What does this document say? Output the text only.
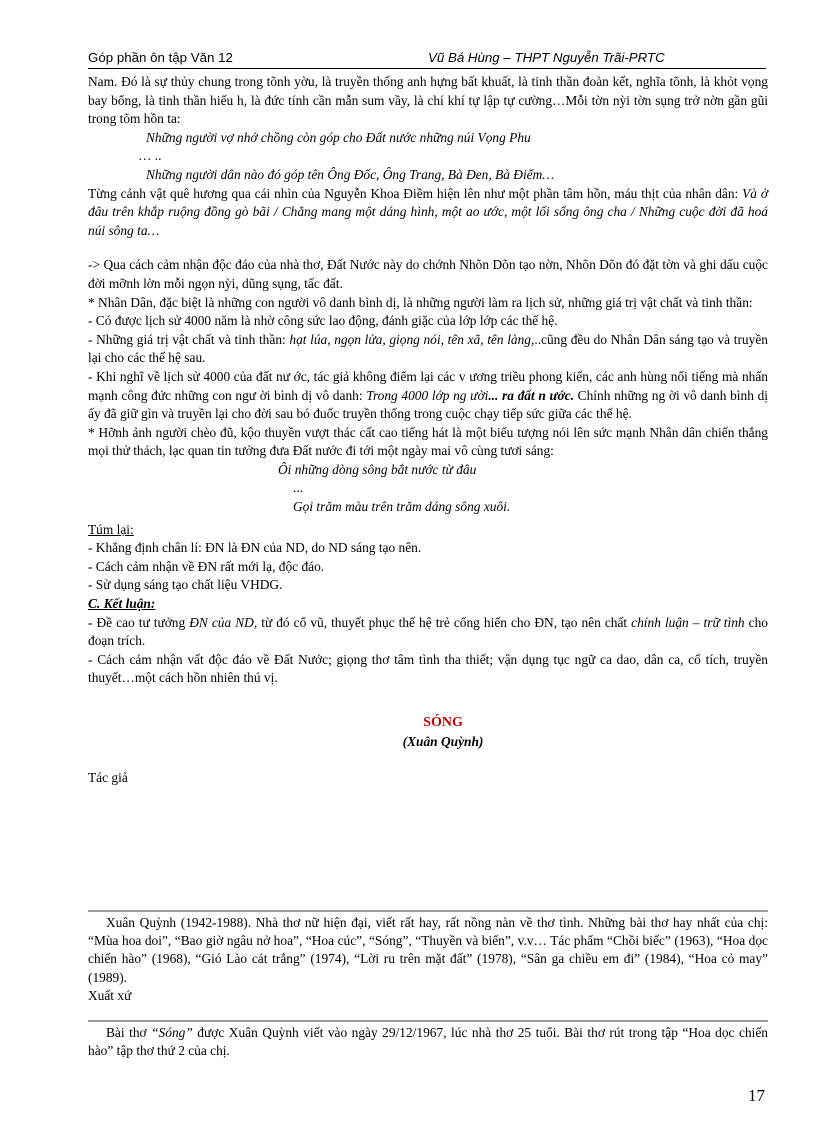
Góp phần ôn tập Văn 12	Vũ Bá Hùng – THPT Nguyễn Trãi-PRTC

Nam. Đó là sự thủy chung trong tõnh yờu, là truyền thống anh hựng bất khuất, là tinh thần đoàn kết, nghĩa tõnh, là khỏt vọng bay bổng, là tinh thần hiếu h, là đức tính cần mẫn sum vầy, là chí khí tự lập tự cường…Mỗi tờn nỳi tờn sụng trở nờn gần gũi trong tõm hồn ta:

Những người vợ nhớ chồng còn góp cho Đất nước những núi Vọng Phu

… ..

Những người dân nào đó góp tên Ông Đốc, Ông Trang, Bà Đen, Bà Điểm…

Từng cảnh vật quê hương qua cái nhìn của Nguyễn Khoa Điềm hiện lên như một phần tâm hồn, máu thịt của nhân dân: Và ở đâu trên khắp ruộng đồng gò bãi / Chẳng mang một dáng hình, một ao ước, một lối sống ông cha / Những cuộc đời đã hoá núi sông ta…

-> Qua cách cảm nhận độc đáo của nhà thơ, Đất Nước này do chớnh Nhõn Dõn tạo nờn, Nhõn Dõn đó đặt tờn và ghi dấu cuộc đời mỡnh lờn mỗi ngọn nỳi, dũng sụng, tấc đất.

* Nhân Dân, đặc biệt là những con người vô danh bình dị, là những người làm ra lịch sử, những giá trị vật chất và tinh thần:

- Có được lịch sử 4000 năm là nhờ công sức lao động, đánh giặc của lớp lớp các thế hệ.

- Những giá trị vật chất và tinh thần: hạt lúa, ngọn lửa, giọng nói, tên xã, tên làng,..cũng đều do Nhân Dân sáng tạo và truyền lại cho các thế hệ sau.

- Khi nghĩ về lịch sử 4000 của đất nư ớc, tác giả không điểm lại các v ương triều phong kiến, các anh hùng nổi tiếng mà nhấn mạnh công đức những con ngư ời bình dị vô danh: Trong 4000 lớp ng ười... ra đất n ước. Chính những ng ời vô danh bình dị ấy đã giữ gìn và truyền lại cho đời sau bó đuốc truyền thống trong cuộc chạy tiếp sức giữa các thế hệ.

* Hỡnh ảnh người chèo đũ, kộo thuyền vượt thác cất cao tiếng hát là một biểu tượng nói lên sức mạnh Nhân dân chiến thắng mọi thử thách, lạc quan tin tưởng đưa Đất nước đi tới một ngày mai vô cùng tươi sáng:

Ôi những dòng sông bắt nước từ đâu

...

Gọi trăm màu trên trăm dáng sông xuôi.

Túm lại:

- Khẳng định chân lí: ĐN là ĐN của ND, do ND sáng tạo nên.

- Cách cảm nhận về ĐN rất mới lạ, độc đáo.

- Sử dụng sáng tạo chất liệu VHDG.

C. Kết luận:

- Đề cao tư tưởng ĐN của ND, từ đó cổ vũ, thuyết phục thế hệ trẻ cống hiến cho ĐN, tạo nên chất chính luận – trữ tình cho đoạn trích.

- Cách cảm nhận vất độc đáo về Đất Nước; giọng thơ tâm tình tha thiết; vận dụng tục ngữ ca dao, dân ca, cổ tích, truyền thuyết…một cách hồn nhiên thú vị.

SÓNG

(Xuân Quỳnh)

Tác giả

Xuân Quỳnh (1942-1988). Nhà thơ nữ hiện đại, viết rất hay, rất nồng nàn về thơ tình. Những bài thơ hay nhất của chị: “Mùa hoa doi”, “Bao giờ ngâu nở hoa”, “Hoa cúc”, “Sóng”, “Thuyền và biển”, v.v… Tác phẩm “Chồi biếc” (1963), “Hoa dọc chiến hào” (1968), “Gió Lào cát trắng” (1974), “Lời ru trên mặt đất” (1978), “Sân ga chiều em đi” (1984), “Hoa cỏ may” (1989).

Xuất xứ

Bài thơ “Sóng” được Xuân Quỳnh viết vào ngày 29/12/1967, lúc nhà thơ 25 tuổi. Bài thơ rút trong tập “Hoa dọc chiến hào” tập thơ thứ 2 của chị.

17
